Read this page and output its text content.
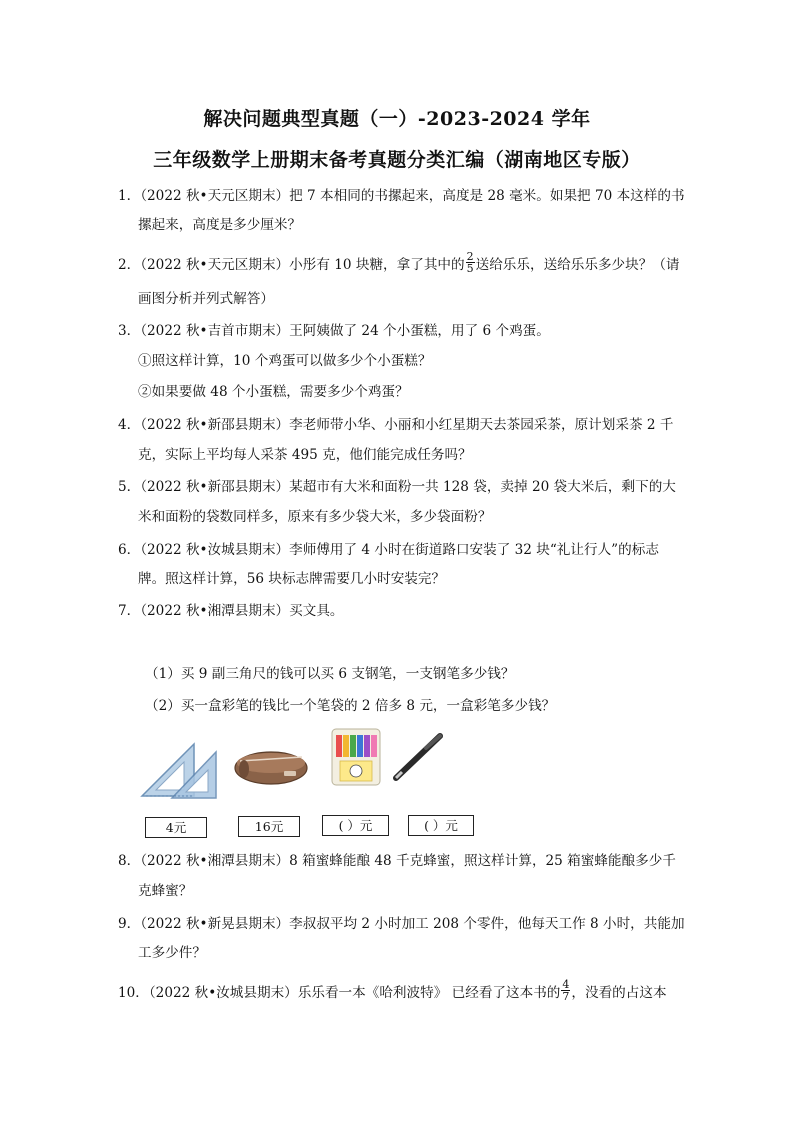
解决问题典型真题（一）-2023-2024 学年
三年级数学上册期末备考真题分类汇编（湖南地区专版）
1．（2022 秋•天元区期末）把 7 本相同的书摞起来，高度是 28 毫米。如果把 70 本这样的书
摞起来，高度是多少厘米？
2．（2022 秋•天元区期末）小彤有 10 块糖，拿了其中的 $\frac{2}{5}$ 送给乐乐，送给乐乐多少块？（请
画图分析并列式解答）
3．（2022 秋•吉首市期末）王阿姨做了 24 个小蛋糕，用了 6 个鸡蛋。
①照这样计算，10 个鸡蛋可以做多少个小蛋糕？
②如果要做 48 个小蛋糕，需要多少个鸡蛋？
4．（2022 秋•新邵县期末）李老师带小华、小丽和小红星期天去茶园采茶，原计划采茶 2 千
克，实际上平均每人采茶 495 克，他们能完成任务吗？
5．（2022 秋•新邵县期末）某超市有大米和面粉一共 128 袋，卖掉 20 袋大米后，剩下的大
米和面粉的袋数同样多，原来有多少袋大米，多少袋面粉？
6．（2022 秋•汝城县期末）李师傅用了 4 小时在街道路口安装了 32 块“礼让行人”的标志
牌。照这样计算，56 块标志牌需要几小时安装完？
7．（2022 秋•湘潭县期末）买文具。
（1）买 9 副三角尺的钱可以买 6 支钢笔，一支钢笔多少钱？
（2）买一盒彩笔的钱比一个笔袋的 2 倍多 8 元，一盒彩笔多少钱？
4元	16元	( ）元	( ）元
8．（2022 秋•湘潭县期末）8 箱蜜蜂能酿 48 千克蜂蜜，照这样计算，25 箱蜜蜂能酿多少千
克蜂蜜？
9．（2022 秋•新晃县期末）李叔叔平均 2 小时加工 208 个零件，他每天工作 8 小时，共能加
工多少件？
10．（2022 秋•汝城县期末）乐乐看一本《哈利波特》 已经看了这本书的 $\frac{4}{7}$ ，没看的占这本
